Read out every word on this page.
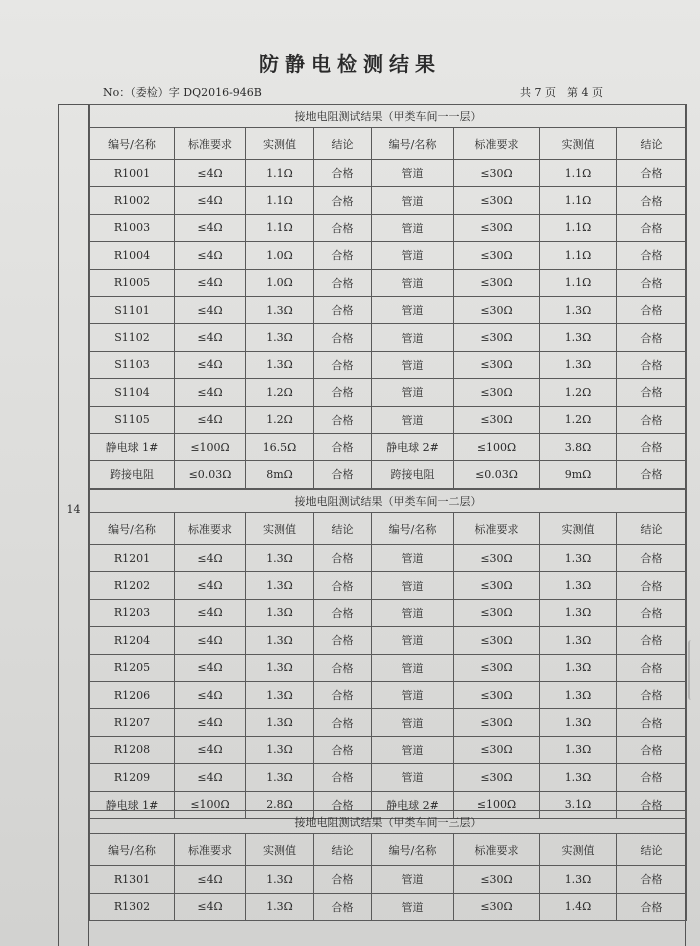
防静电检测结果
No：（委检）字 DQ2016-946B	共 7 页　第 4 页
14
接地电阻测试结果（甲类车间一一层）							
编号/名称	标准要求	实测值	结论	编号/名称	标准要求	实测值	结论
R1001	≤4Ω	1.1Ω	合格	管道	≤30Ω	1.1Ω	合格
R1002	≤4Ω	1.1Ω	合格	管道	≤30Ω	1.1Ω	合格
R1003	≤4Ω	1.1Ω	合格	管道	≤30Ω	1.1Ω	合格
R1004	≤4Ω	1.0Ω	合格	管道	≤30Ω	1.1Ω	合格
R1005	≤4Ω	1.0Ω	合格	管道	≤30Ω	1.1Ω	合格
S1101	≤4Ω	1.3Ω	合格	管道	≤30Ω	1.3Ω	合格
S1102	≤4Ω	1.3Ω	合格	管道	≤30Ω	1.3Ω	合格
S1103	≤4Ω	1.3Ω	合格	管道	≤30Ω	1.3Ω	合格
S1104	≤4Ω	1.2Ω	合格	管道	≤30Ω	1.2Ω	合格
S1105	≤4Ω	1.2Ω	合格	管道	≤30Ω	1.2Ω	合格
静电球 1#	≤100Ω	16.5Ω	合格	静电球 2#	≤100Ω	3.8Ω	合格
跨接电阻	≤0.03Ω	8mΩ	合格	跨接电阻	≤0.03Ω	9mΩ	合格
接地电阻测试结果（甲类车间一二层）							
编号/名称	标准要求	实测值	结论	编号/名称	标准要求	实测值	结论
R1201	≤4Ω	1.3Ω	合格	管道	≤30Ω	1.3Ω	合格
R1202	≤4Ω	1.3Ω	合格	管道	≤30Ω	1.3Ω	合格
R1203	≤4Ω	1.3Ω	合格	管道	≤30Ω	1.3Ω	合格
R1204	≤4Ω	1.3Ω	合格	管道	≤30Ω	1.3Ω	合格
R1205	≤4Ω	1.3Ω	合格	管道	≤30Ω	1.3Ω	合格
R1206	≤4Ω	1.3Ω	合格	管道	≤30Ω	1.3Ω	合格
R1207	≤4Ω	1.3Ω	合格	管道	≤30Ω	1.3Ω	合格
R1208	≤4Ω	1.3Ω	合格	管道	≤30Ω	1.3Ω	合格
R1209	≤4Ω	1.3Ω	合格	管道	≤30Ω	1.3Ω	合格
静电球 1#	≤100Ω	2.8Ω	合格	静电球 2#	≤100Ω	3.1Ω	合格
接地电阻测试结果（甲类车间一三层）							
编号/名称	标准要求	实测值	结论	编号/名称	标准要求	实测值	结论
R1301	≤4Ω	1.3Ω	合格	管道	≤30Ω	1.3Ω	合格
R1302	≤4Ω	1.3Ω	合格	管道	≤30Ω	1.4Ω	合格
